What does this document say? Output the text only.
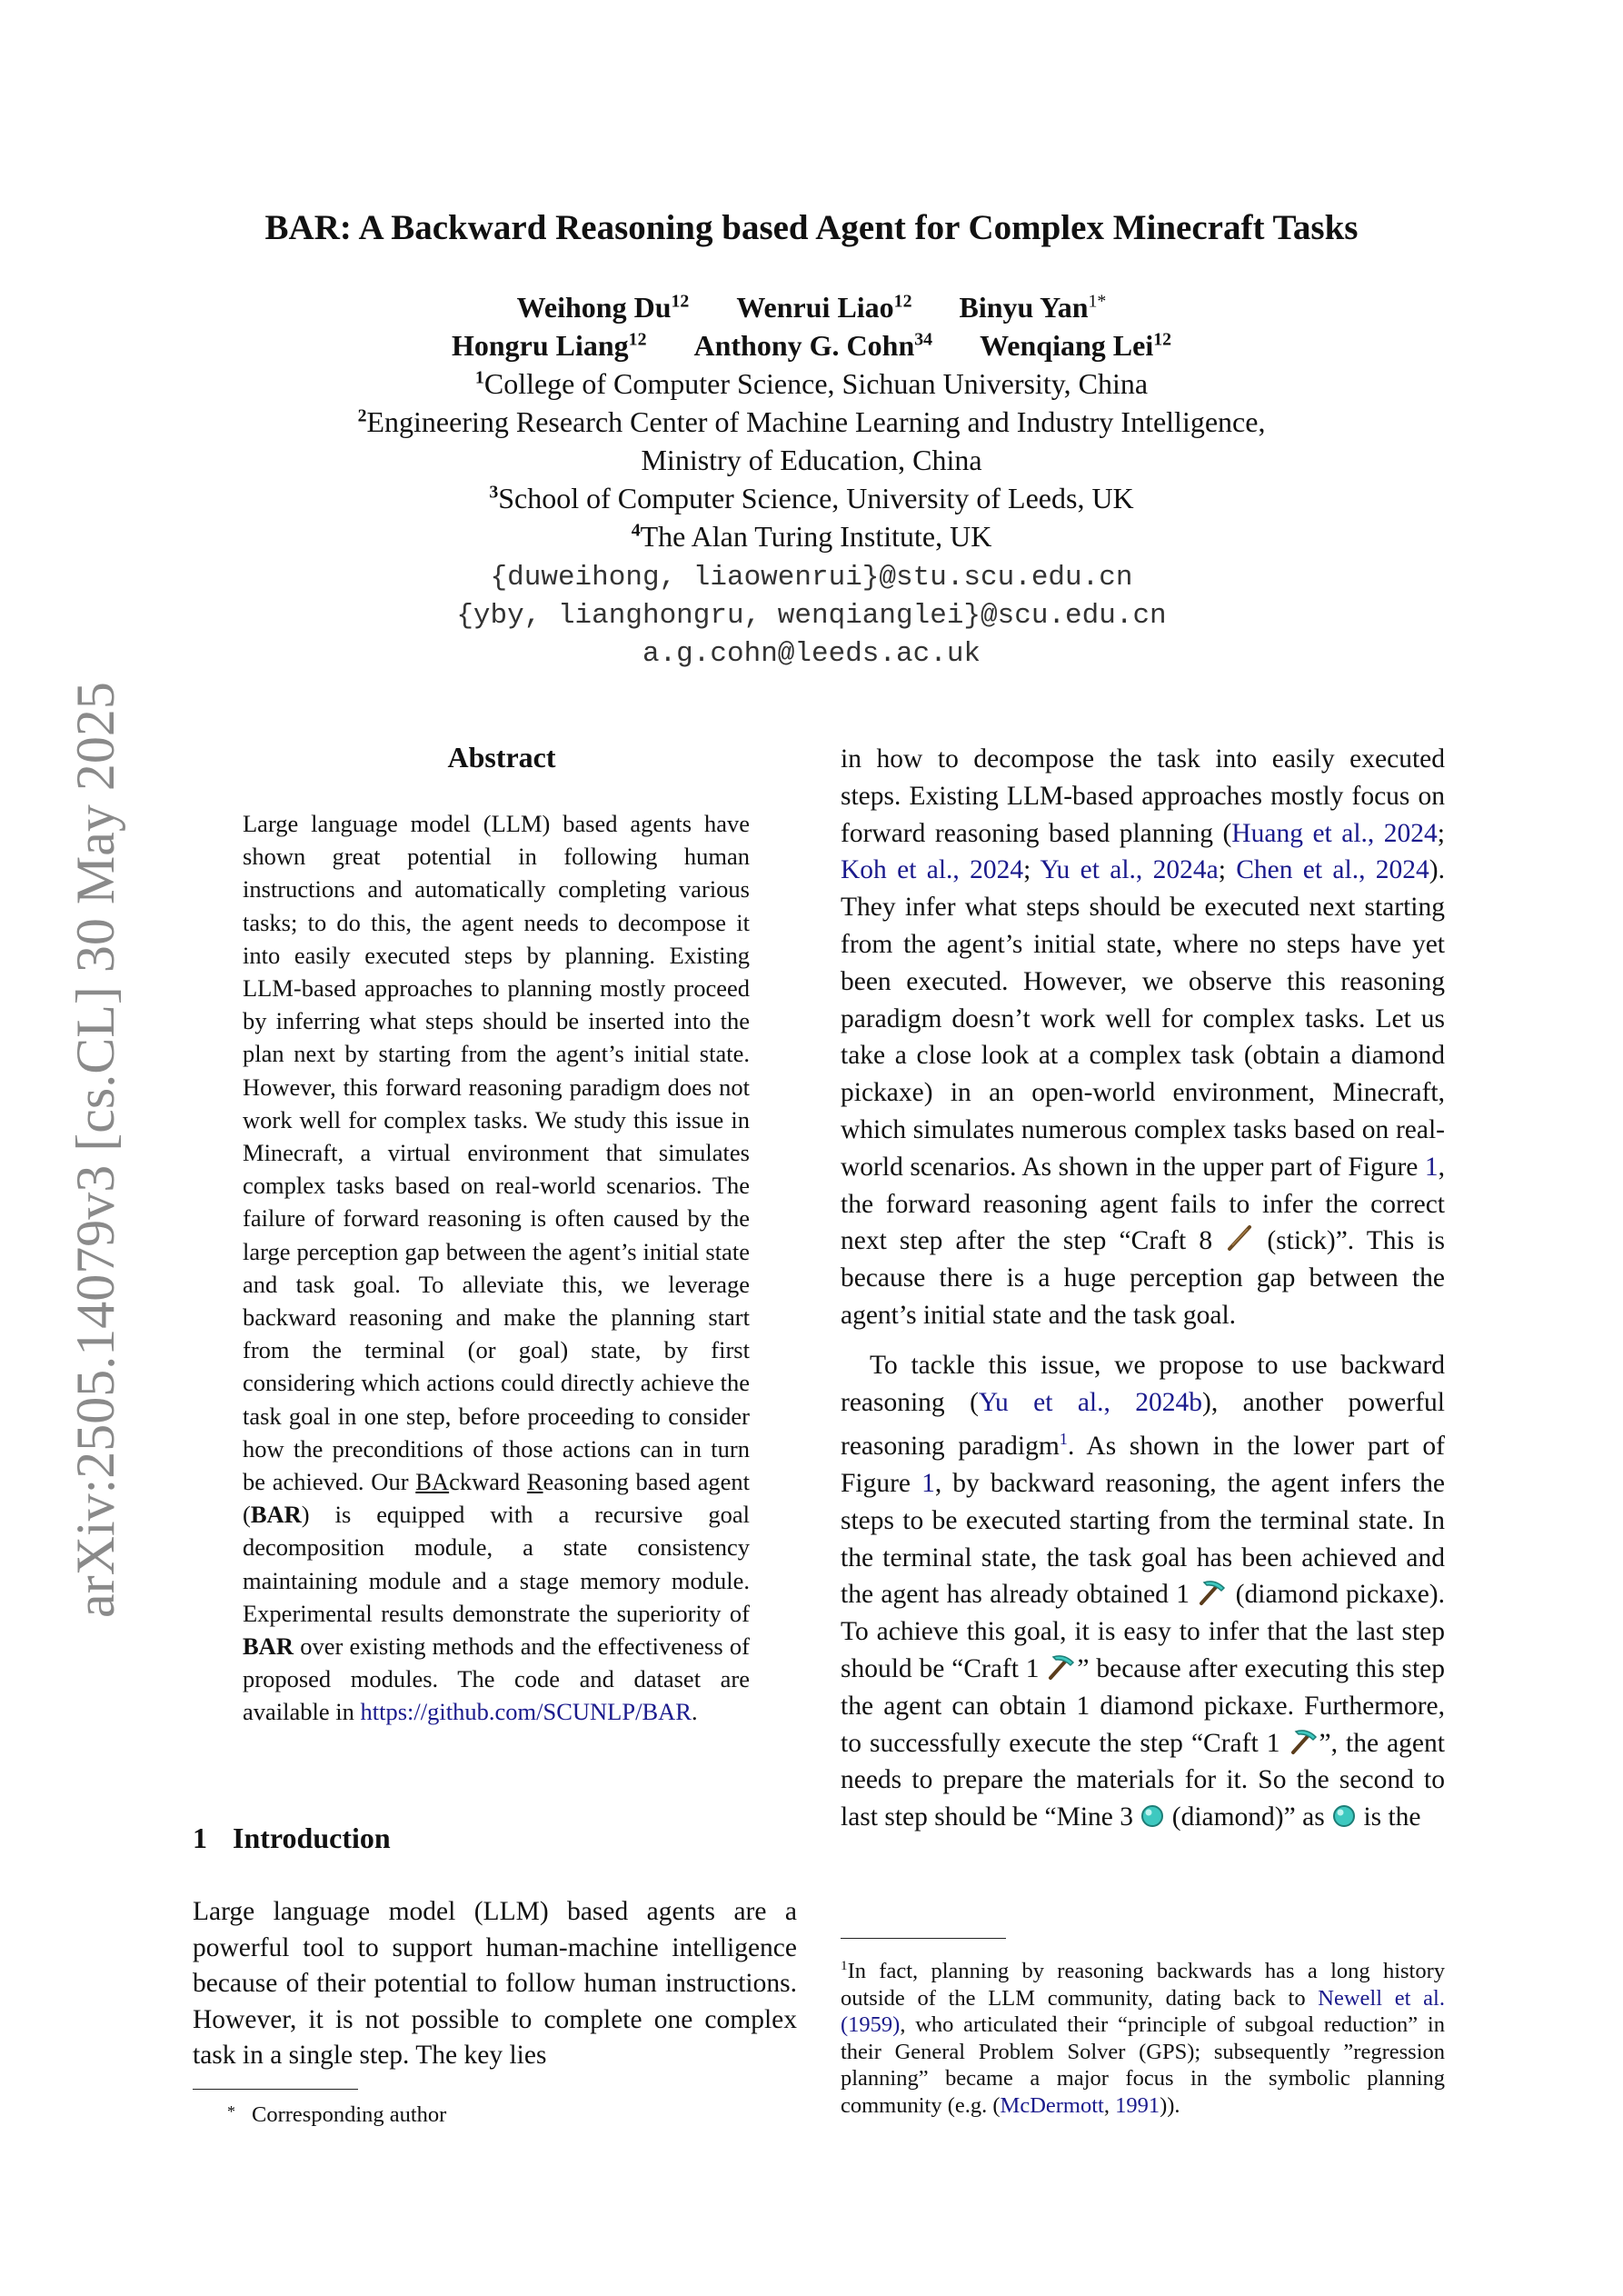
arXiv:2505.14079v3 [cs.CL] 30 May 2025
BAR: A Backward Reasoning based Agent for Complex Minecraft Tasks
Weihong Du$^{12}$ Wenrui Liao$^{12}$ Binyu Yan$^{1*}$
Hongru Liang$^{12}$ Anthony G. Cohn$^{34}$ Wenqiang Lei$^{12}$
$^1$College of Computer Science, Sichuan University, China
$^2$Engineering Research Center of Machine Learning and Industry Intelligence,
Ministry of Education, China
$^3$School of Computer Science, University of Leeds, UK
$^4$The Alan Turing Institute, UK
{duweihong, liaowenrui}@stu.scu.edu.cn
{yby, lianghongru, wenqianglei}@scu.edu.cn
a.g.cohn@leeds.ac.uk
Abstract

Large language model (LLM) based agents have shown great potential in following human instructions and automatically completing various tasks; to do this, the agent needs to decompose it into easily executed steps by planning. Existing LLM-based approaches to planning mostly proceed by inferring what steps should be inserted into the plan next by starting from the agent’s initial state. However, this forward reasoning paradigm does not work well for complex tasks. We study this issue in Minecraft, a virtual environment that simulates complex tasks based on real-world scenarios. The failure of forward reasoning is often caused by the large perception gap between the agent’s initial state and task goal. To alleviate this, we leverage backward reasoning and make the planning start from the terminal (or goal) state, by first considering which actions could directly achieve the task goal in one step, before proceeding to consider how the preconditions of those actions can in turn be achieved. Our BAckward Reasoning based agent (BAR) is equipped with a recursive goal decomposition module, a state consistency maintaining module and a stage memory module. Experimental results demonstrate the superiority of BAR over existing methods and the effectiveness of proposed modules. The code and dataset are available in https://github.com/SCUNLP/BAR.

1 Introduction

Large language model (LLM) based agents are a powerful tool to support human-machine intelligence because of their potential to follow human instructions. However, it is not possible to complete one complex task in a single step. The key lies

* Corresponding author

in how to decompose the task into easily executed steps. Existing LLM-based approaches mostly focus on forward reasoning based planning (Huang et al., 2024; Koh et al., 2024; Yu et al., 2024a; Chen et al., 2024). They infer what steps should be executed next starting from the agent’s initial state, where no steps have yet been executed. However, we observe this reasoning paradigm doesn’t work well for complex tasks. Let us take a close look at a complex task (obtain a diamond pickaxe) in an open-world environment, Minecraft, which simulates numerous complex tasks based on real-world scenarios. As shown in the upper part of Figure 1, the forward reasoning agent fails to infer the correct next step after the step “Craft 8  (stick)”. This is because there is a huge perception gap between the agent’s initial state and the task goal.

To tackle this issue, we propose to use backward reasoning (Yu et al., 2024b), another powerful reasoning paradigm$^1$. As shown in the lower part of Figure 1, by backward reasoning, the agent infers the steps to be executed starting from the terminal state. In the terminal state, the task goal has been achieved and the agent has already obtained 1  (diamond pickaxe). To achieve this goal, it is easy to infer that the last step should be “Craft 1 ” because after executing this step the agent can obtain 1 diamond pickaxe. Furthermore, to successfully execute the step “Craft 1 ”, the agent needs to prepare the materials for it. So the second to last step should be “Mine 3  (diamond)” as  is the

$^1$In fact, planning by reasoning backwards has a long history outside of the LLM community, dating back to Newell et al. (1959), who articulated their “principle of subgoal reduction” in their General Problem Solver (GPS); subsequently ”regression planning” became a major focus in the symbolic planning community (e.g. (McDermott, 1991)).
